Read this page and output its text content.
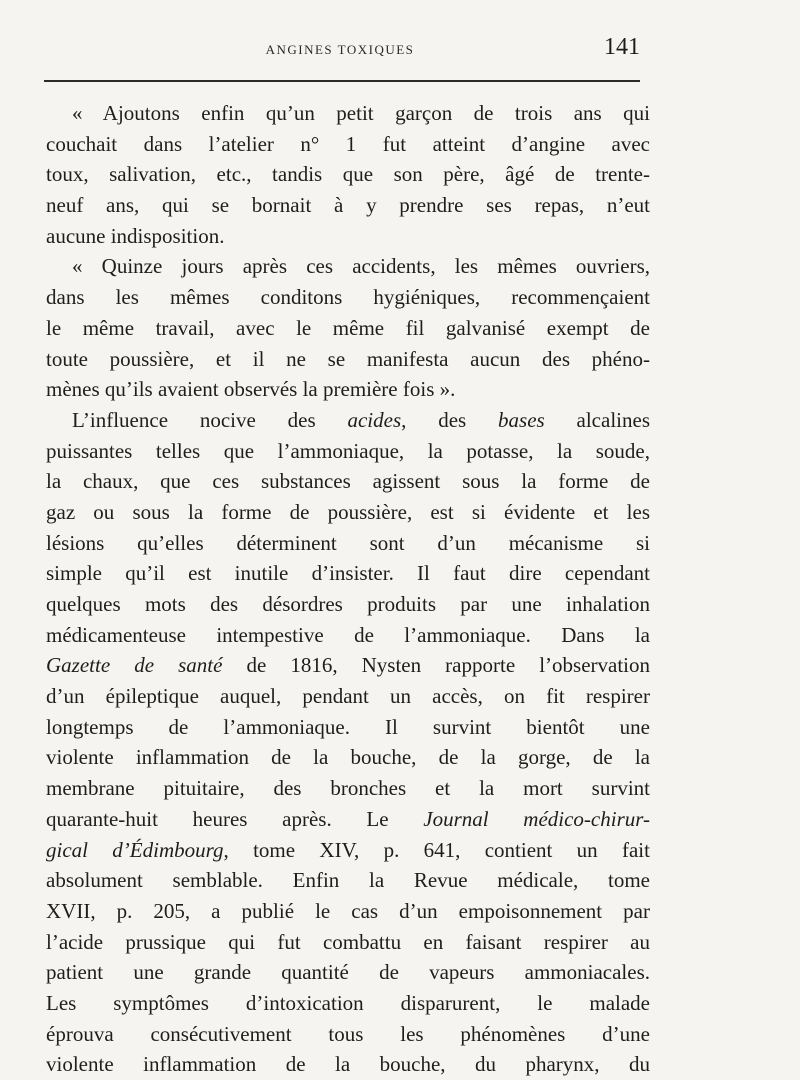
ANGINES TOXIQUES	141
« Ajoutons enfin qu’un petit garçon de trois ans qui
couchait dans l’atelier n° 1 fut atteint d’angine avec
toux, salivation, etc., tandis que son père, âgé de trente-
neuf ans, qui se bornait à y prendre ses repas, n’eut
aucune indisposition.
« Quinze jours après ces accidents, les mêmes ouvriers,
dans les mêmes conditons hygiéniques, recommençaient
le même travail, avec le même fil galvanisé exempt de
toute poussière, et il ne se manifesta aucun des phéno-
mènes qu’ils avaient observés la première fois ».
L’influence nocive des acides, des bases alcalines
puissantes telles que l’ammoniaque, la potasse, la soude,
la chaux, que ces substances agissent sous la forme de
gaz ou sous la forme de poussière, est si évidente et les
lésions qu’elles déterminent sont d’un mécanisme si
simple qu’il est inutile d’insister. Il faut dire cependant
quelques mots des désordres produits par une inhalation
médicamenteuse intempestive de l’ammoniaque. Dans la
Gazette de santé de 1816, Nysten rapporte l’observation
d’un épileptique auquel, pendant un accès, on fit respirer
longtemps de l’ammoniaque. Il survint bientôt une
violente inflammation de la bouche, de la gorge, de la
membrane pituitaire, des bronches et la mort survint
quarante-huit heures après. Le Journal médico-chirur-
gical d’Édimbourg, tome XIV, p. 641, contient un fait
absolument semblable. Enfin la Revue médicale, tome
XVII, p. 205, a publié le cas d’un empoisonnement par
l’acide prussique qui fut combattu en faisant respirer au
patient une grande quantité de vapeurs ammoniacales.
Les symptômes d’intoxication disparurent, le malade
éprouva consécutivement tous les phénomènes d’une
violente inflammation de la bouche, du pharynx, du
